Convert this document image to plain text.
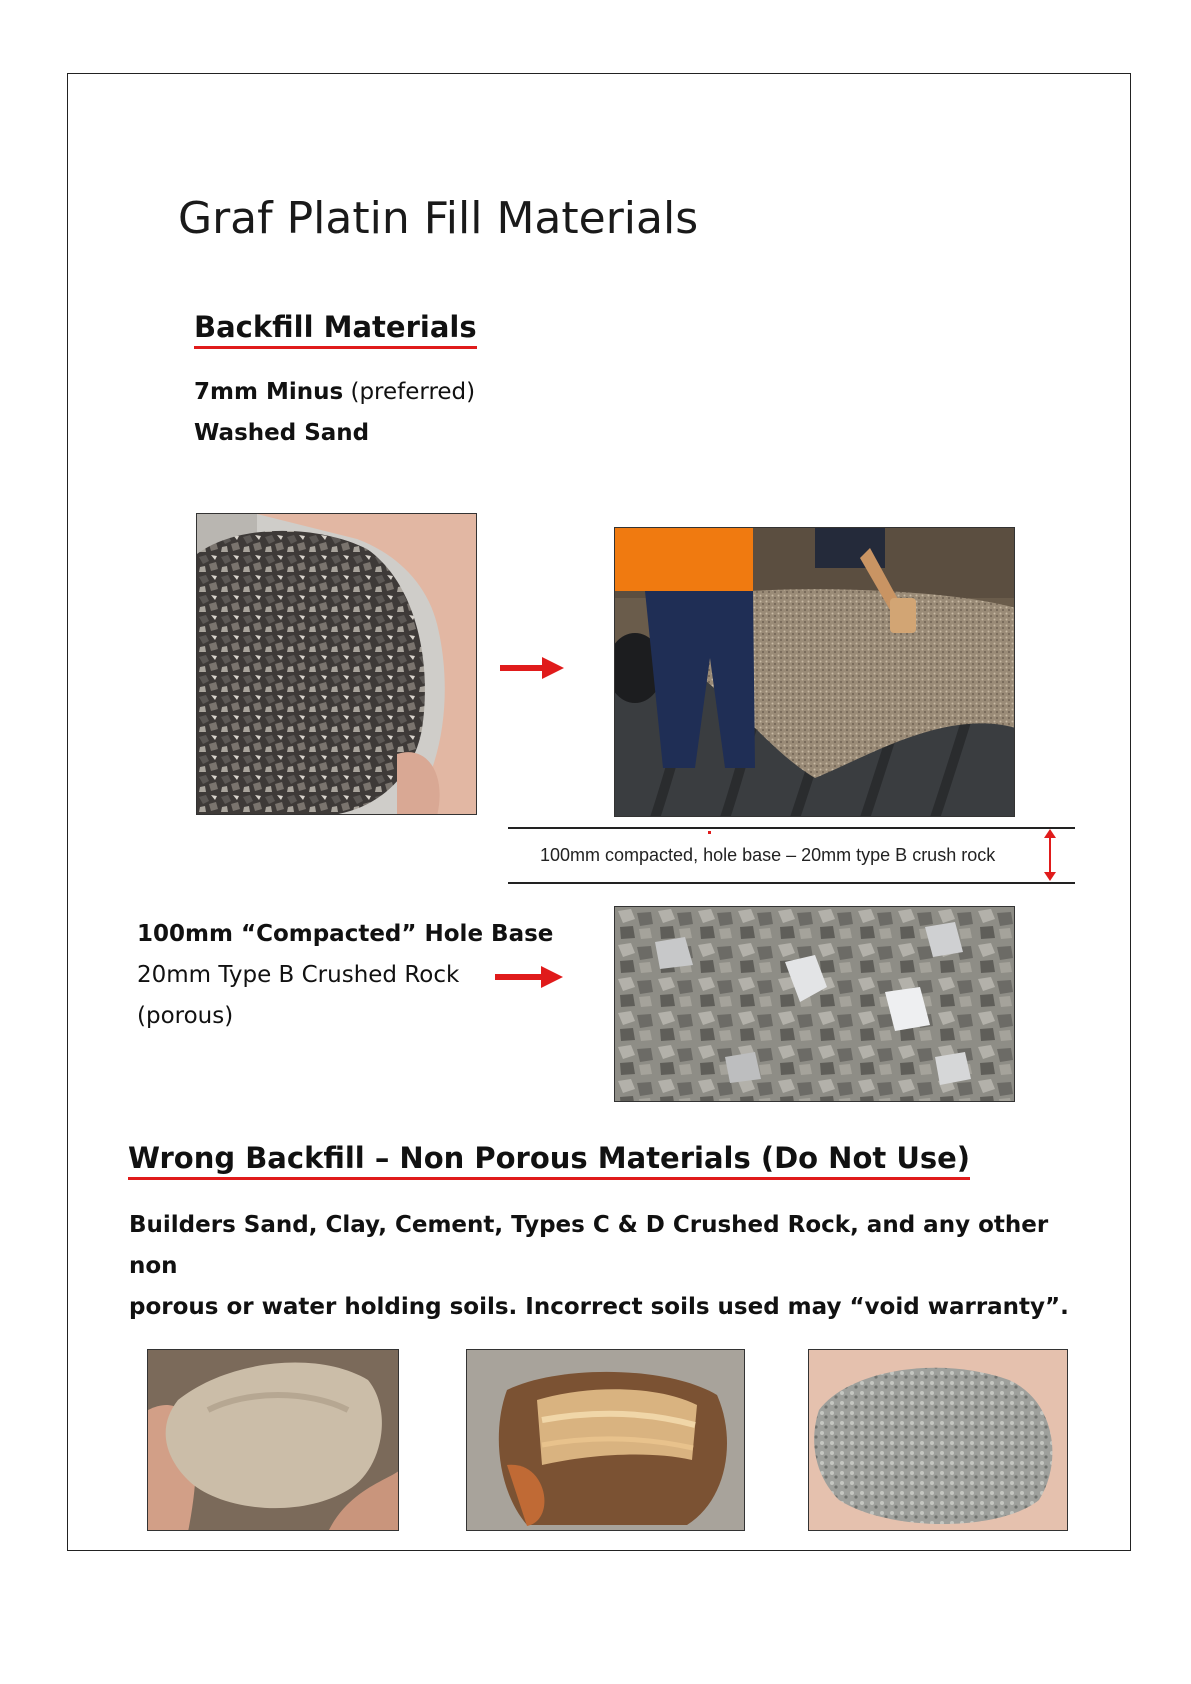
Graf Platin Fill Materials
Backfill Materials
7mm Minus (preferred)
Washed Sand
100mm compacted, hole base – 20mm type B crush rock
100mm “Compacted” Hole Base
20mm Type B Crushed Rock
(porous)
Wrong Backfill – Non Porous Materials (Do Not Use)
Builders Sand, Clay, Cement, Types C & D Crushed Rock, and any other non
porous or water holding soils. Incorrect soils used may “void warranty”.
